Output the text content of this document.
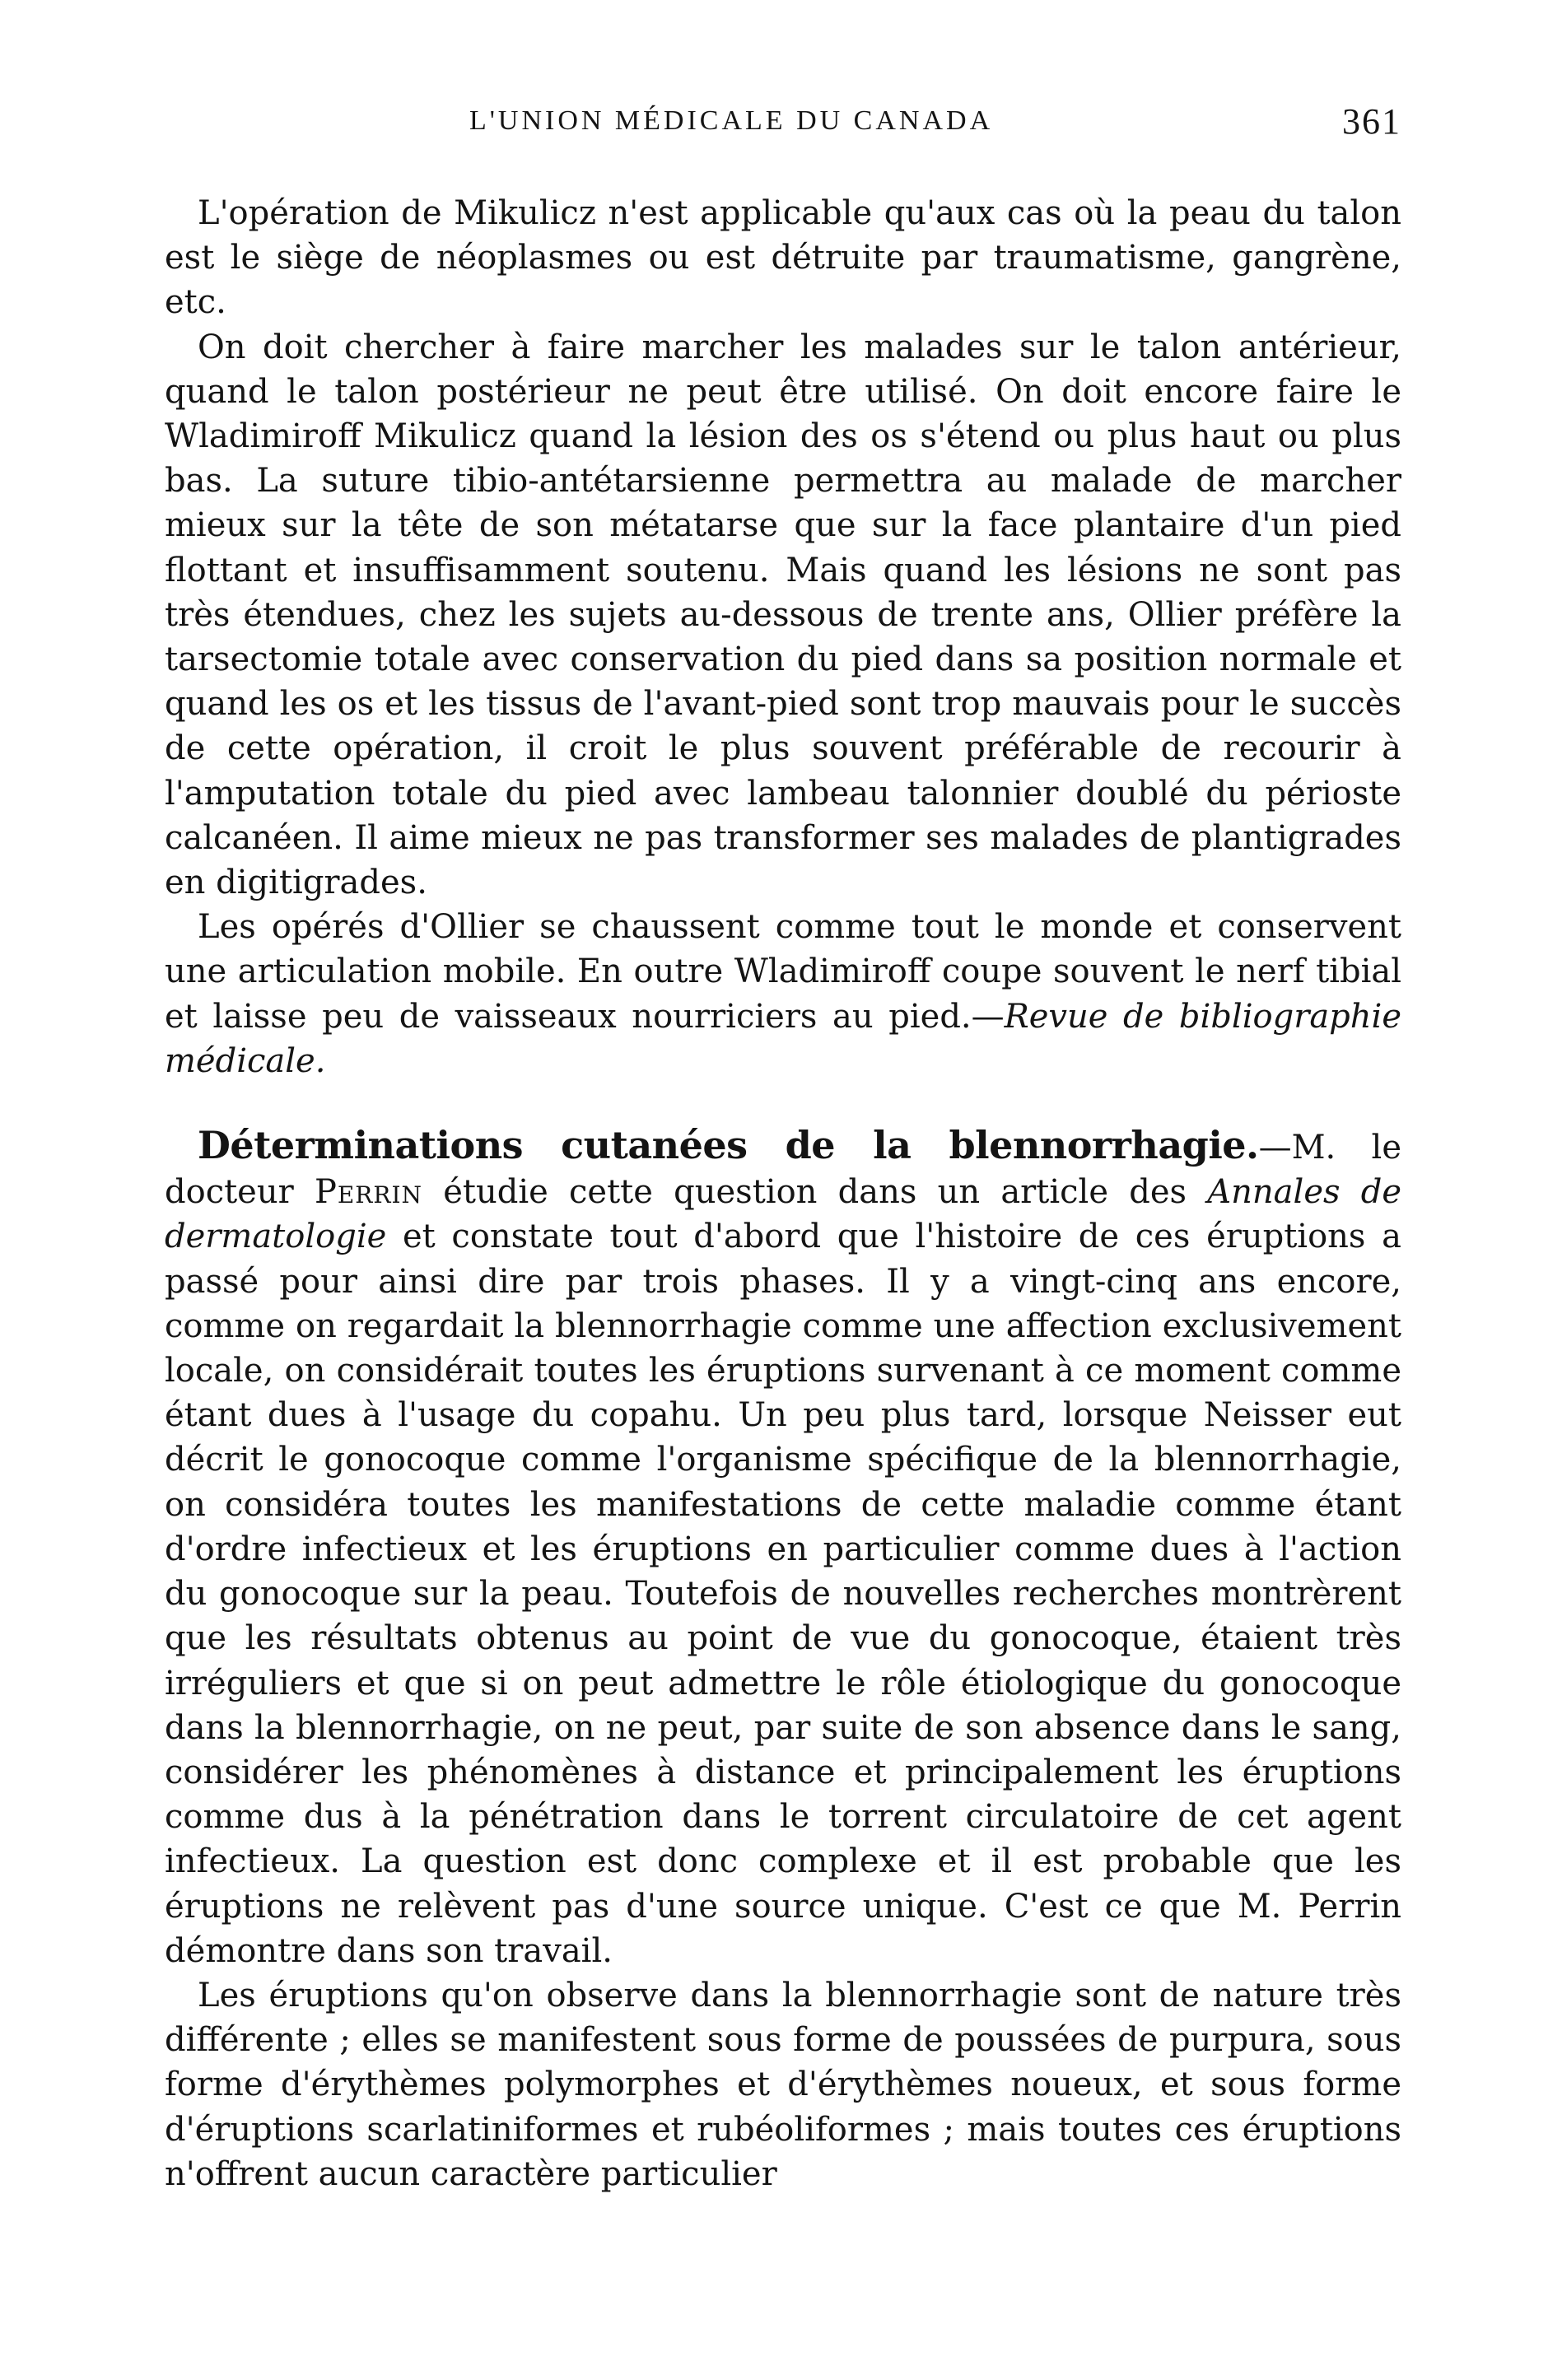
L'UNION MÉDICALE DU CANADA	361

L'opération de Mikulicz n'est applicable qu'aux cas où la peau du talon est le siège de néoplasmes ou est détruite par traumatisme, gangrène, etc.

On doit chercher à faire marcher les malades sur le talon antérieur, quand le talon postérieur ne peut être utilisé. On doit encore faire le Wladimiroff Mikulicz quand la lésion des os s'étend ou plus haut ou plus bas. La suture tibio-antétarsienne permettra au malade de marcher mieux sur la tête de son métatarse que sur la face plantaire d'un pied flottant et insuffisamment soutenu. Mais quand les lésions ne sont pas très étendues, chez les sujets au-dessous de trente ans, Ollier préfère la tarsectomie totale avec conservation du pied dans sa position normale et quand les os et les tissus de l'avant-pied sont trop mauvais pour le succès de cette opération, il croit le plus souvent préférable de recourir à l'amputation totale du pied avec lambeau talonnier doublé du périoste calcanéen. Il aime mieux ne pas transformer ses malades de plantigrades en digitigrades.

Les opérés d'Ollier se chaussent comme tout le monde et conservent une articulation mobile. En outre Wladimiroff coupe souvent le nerf tibial et laisse peu de vaisseaux nourriciers au pied.—Revue de bibliographie médicale.

Déterminations cutanées de la blennorrhagie.—M. le docteur Perrin étudie cette question dans un article des Annales de dermatologie et constate tout d'abord que l'histoire de ces éruptions a passé pour ainsi dire par trois phases. Il y a vingt-cinq ans encore, comme on regardait la blennorrhagie comme une affection exclusivement locale, on considérait toutes les éruptions survenant à ce moment comme étant dues à l'usage du copahu. Un peu plus tard, lorsque Neisser eut décrit le gonocoque comme l'organisme spécifique de la blennorrhagie, on considéra toutes les manifestations de cette maladie comme étant d'ordre infectieux et les éruptions en particulier comme dues à l'action du gonocoque sur la peau. Toutefois de nouvelles recherches montrèrent que les résultats obtenus au point de vue du gonocoque, étaient très irréguliers et que si on peut admettre le rôle étiologique du gonocoque dans la blennorrhagie, on ne peut, par suite de son absence dans le sang, considérer les phénomènes à distance et principalement les éruptions comme dus à la pénétration dans le torrent circulatoire de cet agent infectieux. La question est donc complexe et il est probable que les éruptions ne relèvent pas d'une source unique. C'est ce que M. Perrin démontre dans son travail.

Les éruptions qu'on observe dans la blennorrhagie sont de nature très différente ; elles se manifestent sous forme de poussées de purpura, sous forme d'érythèmes polymorphes et d'érythèmes noueux, et sous forme d'éruptions scarlatiniformes et rubéoliformes ; mais toutes ces éruptions n'offrent aucun caractère particulier
